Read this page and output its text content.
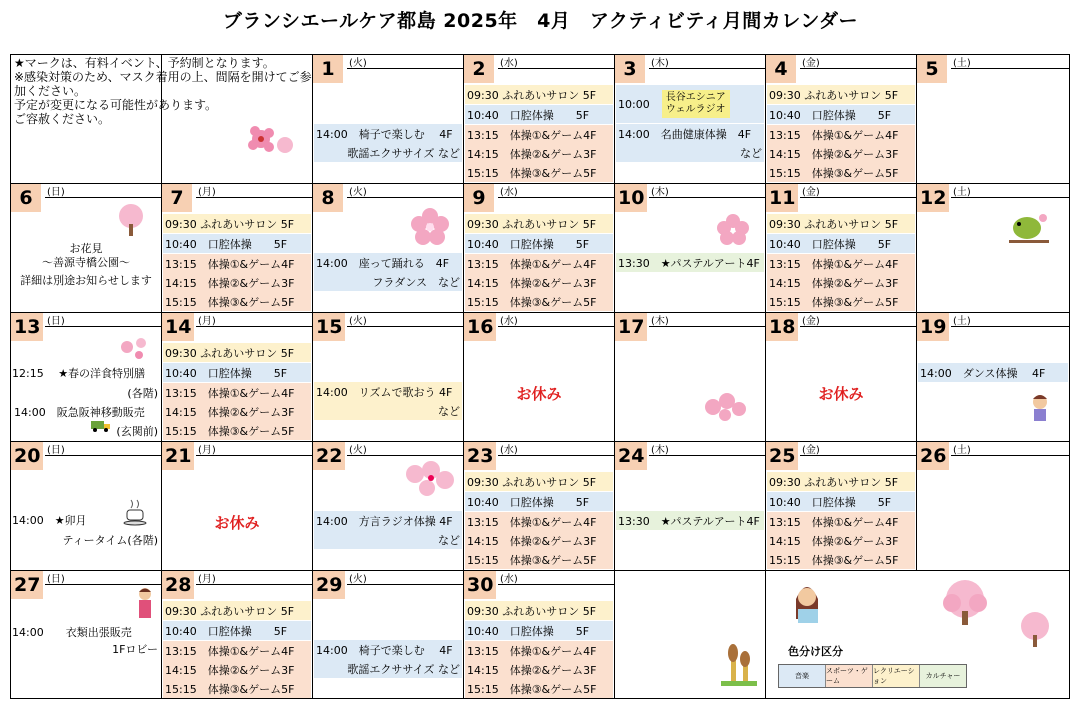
ブランシエールケア都島 2025年　4月　アクティビティ月間カレンダー
★マークは、有料イベント、予約制となります。
※感染対策のため、マスク着用の上、間隔を開けてご参加ください。
予定が変更になる可能性があります。
ご容赦ください。
1	(火)
14:00　椅子で楽しむ　 4F
歌謡エクササイズ など
2	(水)
09:30 ふれあいサロン 5F
10:40　口腔体操　　5F
13:15　体操①&ゲーム4F
14:15　体操②&ゲーム3F
15:15　体操③&ゲーム5F
3	(木)
10:00	長谷エシニア
ウェルラジオ
14:00　名曲健康体操　4F
など
4	(金)
09:30 ふれあいサロン 5F
10:40　口腔体操　　5F
13:15　体操①&ゲーム4F
14:15　体操②&ゲーム3F
15:15　体操③&ゲーム5F
5	(土)
6	(日)
お花見
～善源寺橋公園～
詳細は別途お知らせします
7	(月)
09:30 ふれあいサロン 5F
10:40　口腔体操　　5F
13:15　体操①&ゲーム4F
14:15　体操②&ゲーム3F
15:15　体操③&ゲーム5F
8	(火)
14:00　座って踊れる　4F
フラダンス　など
9	(水)
09:30 ふれあいサロン 5F
10:40　口腔体操　　5F
13:15　体操①&ゲーム4F
14:15　体操②&ゲーム3F
15:15　体操③&ゲーム5F
10 (木)
13:30　★パステルアート4F
11 (金)
09:30 ふれあいサロン 5F
10:40　口腔体操　　5F
13:15　体操①&ゲーム4F
14:15　体操②&ゲーム3F
15:15　体操③&ゲーム5F
12 (土)
13 (日)
12:15　 ★春の洋食特別膳
(各階)
14:00　阪急阪神移動販売
(玄関前)
14 (月)
09:30 ふれあいサロン 5F
10:40　口腔体操　　5F
13:15　体操①&ゲーム4F
14:15　体操②&ゲーム3F
15:15　体操③&ゲーム5F
15 (火)
14:00　リズムで歌おう 4F
など
16 (水)
お休み
17 (木)	18 (金)
お休み
19 (土)
14:00　ダンス体操　 4F
20 (日)
14:00　★卯月
ティータイム(各階)
21 (月)
お休み
22 (火)
14:00　方言ラジオ体操 4F
など
23 (水)
09:30 ふれあいサロン 5F
10:40　口腔体操　　5F
13:15　体操①&ゲーム4F
14:15　体操②&ゲーム3F
15:15　体操③&ゲーム5F
24 (木)
13:30　★パステルアート4F
25 (金)
09:30 ふれあいサロン 5F
10:40　口腔体操　　5F
13:15　体操①&ゲーム4F
14:15　体操②&ゲーム3F
15:15　体操③&ゲーム5F
26 (土)
27 (日)
14:00　　衣類出張販売
1Fロビー
28 (月)
09:30 ふれあいサロン 5F
10:40　口腔体操　　5F
13:15　体操①&ゲーム4F
14:15　体操②&ゲーム3F
15:15　体操③&ゲーム5F
29 (火)
14:00　椅子で楽しむ　 4F
歌謡エクササイズ など
30 (水)
09:30 ふれあいサロン 5F
10:40　口腔体操　　5F
13:15　体操①&ゲーム4F
14:15　体操②&ゲーム3F
15:15　体操③&ゲーム5F
色分け区分
音楽
スポーツ・ゲーム
レクリエーション
カルチャー
